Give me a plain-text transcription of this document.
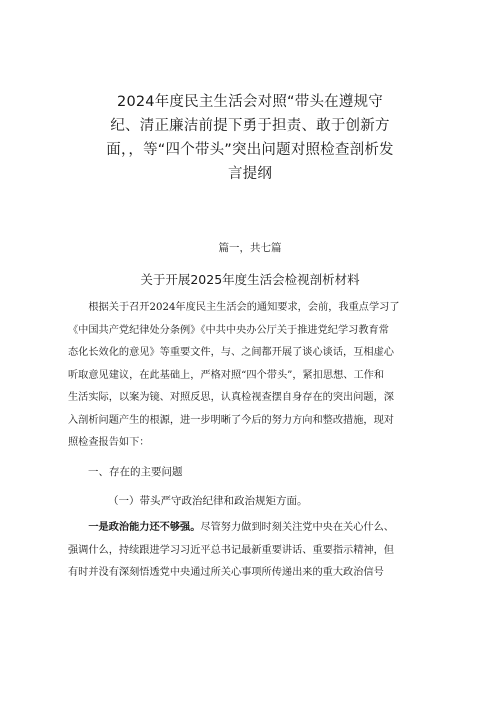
2024年度民主生活会对照“带头在遵规守
纪、清正廉洁前提下勇于担责、敢于创新方
面，，等“四个带头”突出问题对照检查剖析发
言提纲
篇一，共七篇
关于开展2025年度生活会检视剖析材料
　　根据关于召开2024年度民主生活会的通知要求，会前，我重点学习了
《中国共产党纪律处分条例》《中共中央办公厅关于推进党纪学习教育常
态化长效化的意见》等重要文件，与、之间都开展了谈心谈话，互相虚心
听取意见建议，在此基础上，严格对照“四个带头”，紧扣思想、工作和
生活实际，以案为镜、对照反思，认真检视查摆自身存在的突出问题，深
入剖析问题产生的根源，进一步明晰了今后的努力方向和整改措施，现对
照检查报告如下：
一、存在的主要问题
（一）带头严守政治纪律和政治规矩方面。
　　一是政治能力还不够强。尽管努力做到时刻关注党中央在关心什么、
强调什么，持续跟进学习习近平总书记最新重要讲话、重要指示精神，但
有时并没有深刻悟透党中央通过所关心事项所传递出来的重大政治信号
